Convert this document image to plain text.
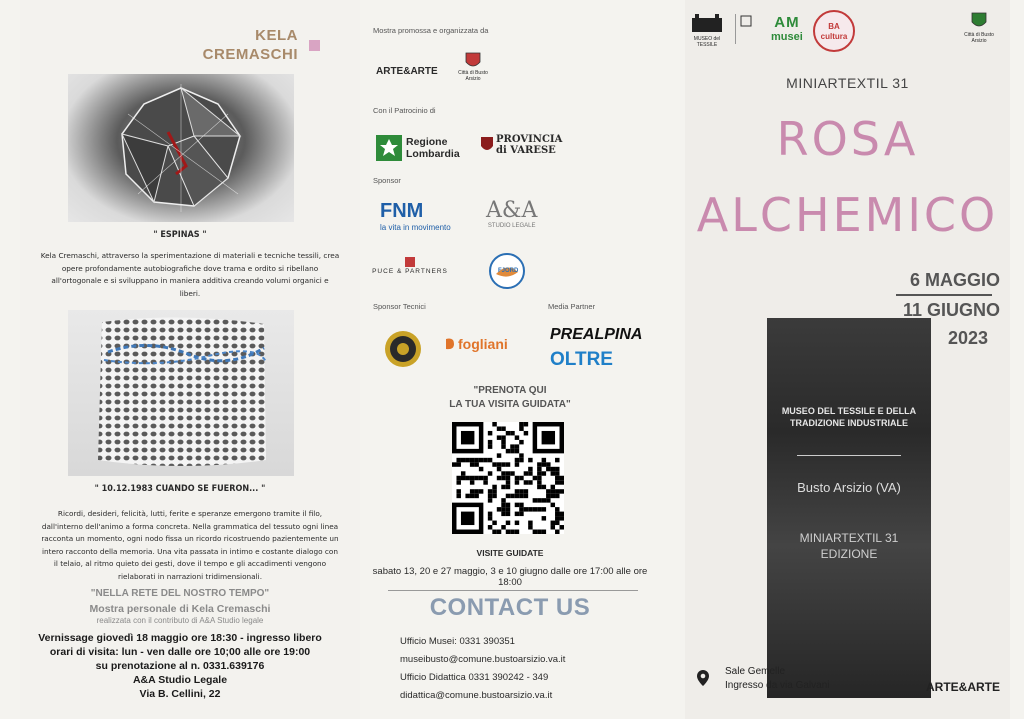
KELA
CREMASCHI
" ESPINAS "
Kela Cremaschi, attraverso la sperimentazione di materiali e tecniche tessili, crea opere profondamente autobiografiche dove trama e ordito si ribellano all'ortogonale e si sviluppano in maniera additiva creando volumi organici e liberi.
" 10.12.1983 CUANDO SE FUERON... "
Ricordi, desideri, felicità, lutti, ferite e speranze emergono tramite il filo, dall'interno dell'animo a forma concreta. Nella grammatica del tessuto ogni linea racconta un momento, ogni nodo fissa un ricordo ricostruendo pazientemente un intero racconto della memoria. Una vita passata in intimo e costante dialogo con il telaio, al ritmo quieto dei gesti, dove il tempo e gli accadimenti vengono rielaborati in narrazioni tridimensionali.
"NELLA RETE DEL NOSTRO TEMPO"
Mostra personale di Kela Cremaschi
realizzata con il contributo di A&A Studio legale
Vernissage giovedì 18 maggio ore 18:30 - ingresso libero
orari di visita: lun - ven dalle ore 10;00 alle ore 19:00
su prenotazione al n. 0331.639176
A&A Studio Legale
Via B. Cellini, 22
Mostra promossa e organizzata da
ARTE&ARTE	Città di Busto Arsizio
Con il Patrocinio di
Regione Lombardia
PROVINCIA di VARESE
Sponsor
FNM
la vita in movimento
A&A
STUDIO LEGALE
PUCE & PARTNERS	FJORD
Sponsor Tecnici	Media Partner
fogliani
PREALPINA
OLTRE
"PRENOTA QUI
LA TUA VISITA GUIDATA"
VISITE GUIDATE
sabato 13, 20 e 27 maggio, 3 e 10 giugno dalle ore 17:00 alle ore 18:00
CONTACT US
Ufficio Musei: 0331 390351
museibusto@comune.bustoarsizio.va.it
Ufficio Didattica 0331 390242 - 349
didattica@comune.bustoarsizio.va.it
MUSEO del TESSILE
AM
musei
BA cultura	Città di Busto Arsizio
MINIARTEXTIL 31
ROSA
ALCHEMICO
6 MAGGIO
11 GIUGNO
2023
MUSEO DEL TESSILE E DELLA TRADIZIONE INDUSTRIALE
Busto Arsizio (VA)
MINIARTEXTIL 31
EDIZIONE
Sale Gemelle
Ingresso da via Galvani	ARTE&ARTE
